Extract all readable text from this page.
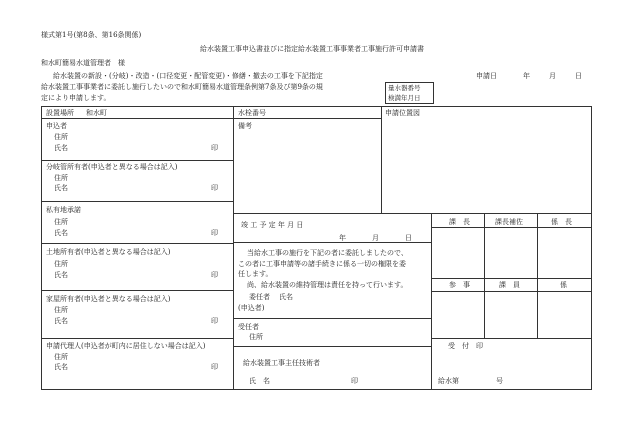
様式第1号(第8条、第16条関係)
給水装置工事申込書並びに指定給水装置工事事業者工事施行許可申請書
和水町簡易水道管理者　様
給水装置の新設・(分岐)・改造・(口径変更・配管変更)・修繕・撤去の工事を下記指定
給水装置工事事業者に委託し施行したいので和水町簡易水道管理条例第7条及び第9条の規
定により申請します。
申請日	年	月	日
量水器番号
検満年月日
設置場所 和水町	水栓番号	申請位置図
備考
申込者
住所
氏名	印
分岐管所有者(申込者と異なる場合は記入)
住所
氏名	印
私有地承諾
住所
氏名	印
土地所有者(申込者と異なる場合は記入)
住所
氏名	印
家屋所有者(申込者と異なる場合は記入)
住所
氏名	印
申請代理人(申込者が町内に居住しない場合は記入)
住所
氏名	印
竣 工 予 定 年 月 日
年	月	日
当給水工事の施行を下記の者に委託しましたので、
この者に工事申請等の諸手続きに係る一切の権限を委
任します。
尚、給水装置の維持管理は責任を持って行います。
委任者 氏名
(申込者)
受任者
住所
給水装置工事主任技術者
氏　名	印
課　長	課長補佐	係　長
参　事	課　員	係
受　付　印
給水第	号
